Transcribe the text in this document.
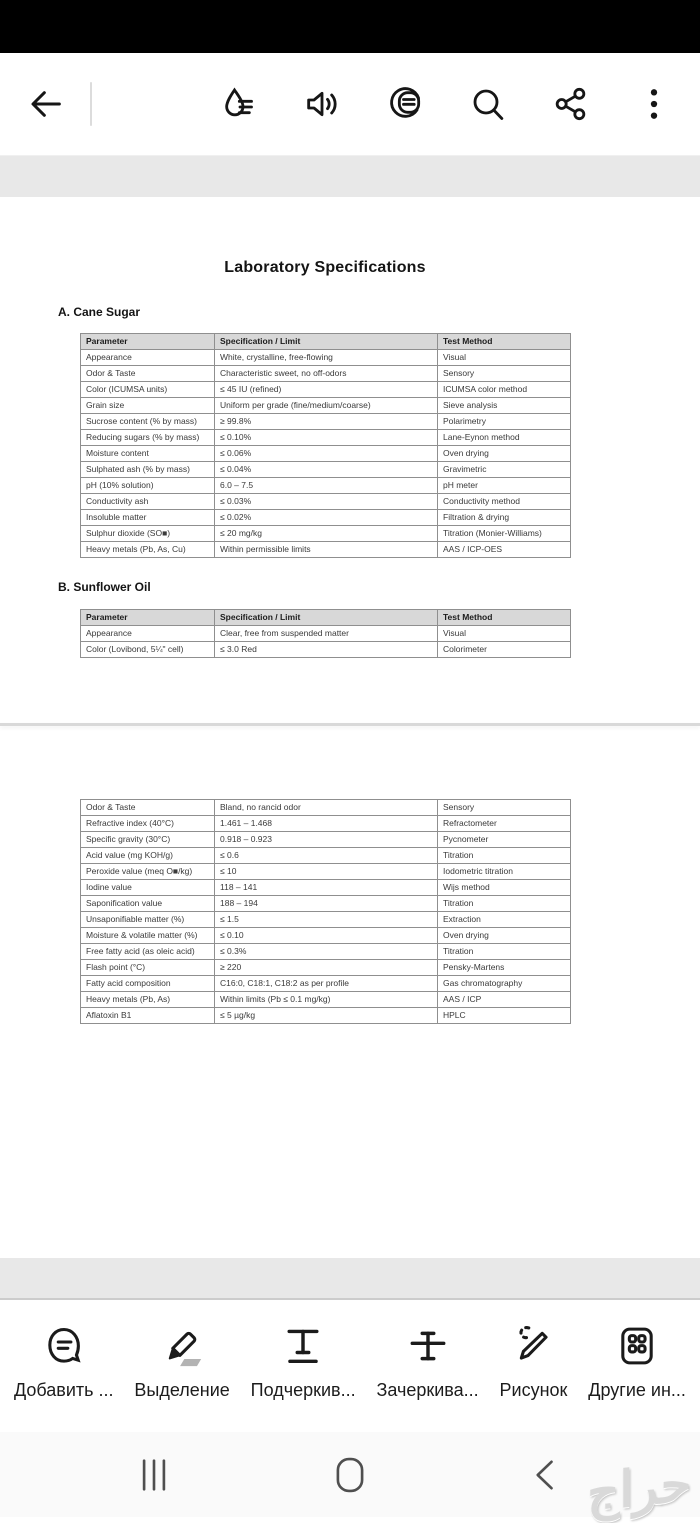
Laboratory Specifications
A. Cane Sugar
Parameter	Specification / Limit	Test Method
Appearance	White, crystalline, free-flowing	Visual
Odor & Taste	Characteristic sweet, no off-odors	Sensory
Color (ICUMSA units)	≤ 45 IU (refined)	ICUMSA color method
Grain size	Uniform per grade (fine/medium/coarse)	Sieve analysis
Sucrose content (% by mass)	≥ 99.8%	Polarimetry
Reducing sugars (% by mass)	≤ 0.10%	Lane-Eynon method
Moisture content	≤ 0.06%	Oven drying
Sulphated ash (% by mass)	≤ 0.04%	Gravimetric
pH (10% solution)	6.0 – 7.5	pH meter
Conductivity ash	≤ 0.03%	Conductivity method
Insoluble matter	≤ 0.02%	Filtration & drying
Sulphur dioxide (SO■)	≤ 20 mg/kg	Titration (Monier-Williams)
Heavy metals (Pb, As, Cu)	Within permissible limits	AAS / ICP-OES
B. Sunflower Oil
Parameter	Specification / Limit	Test Method
Appearance	Clear, free from suspended matter	Visual
Color (Lovibond, 5¼" cell)	≤ 3.0 Red	Colorimeter
Odor & Taste	Bland, no rancid odor	Sensory
Refractive index (40°C)	1.461 – 1.468	Refractometer
Specific gravity (30°C)	0.918 – 0.923	Pycnometer
Acid value (mg KOH/g)	≤ 0.6	Titration
Peroxide value (meq O■/kg)	≤ 10	Iodometric titration
Iodine value	118 – 141	Wijs method
Saponification value	188 – 194	Titration
Unsaponifiable matter (%)	≤ 1.5	Extraction
Moisture & volatile matter (%)	≤ 0.10	Oven drying
Free fatty acid (as oleic acid)	≤ 0.3%	Titration
Flash point (°C)	≥ 220	Pensky-Martens
Fatty acid composition	C16:0, C18:1, C18:2 as per profile	Gas chromatography
Heavy metals (Pb, As)	Within limits (Pb ≤ 0.1 mg/kg)	AAS / ICP
Aflatoxin B1	≤ 5 µg/kg	HPLC
Добавить ... Выделение Подчеркив... Зачеркива... Рисунок Другие ин...
حراج
